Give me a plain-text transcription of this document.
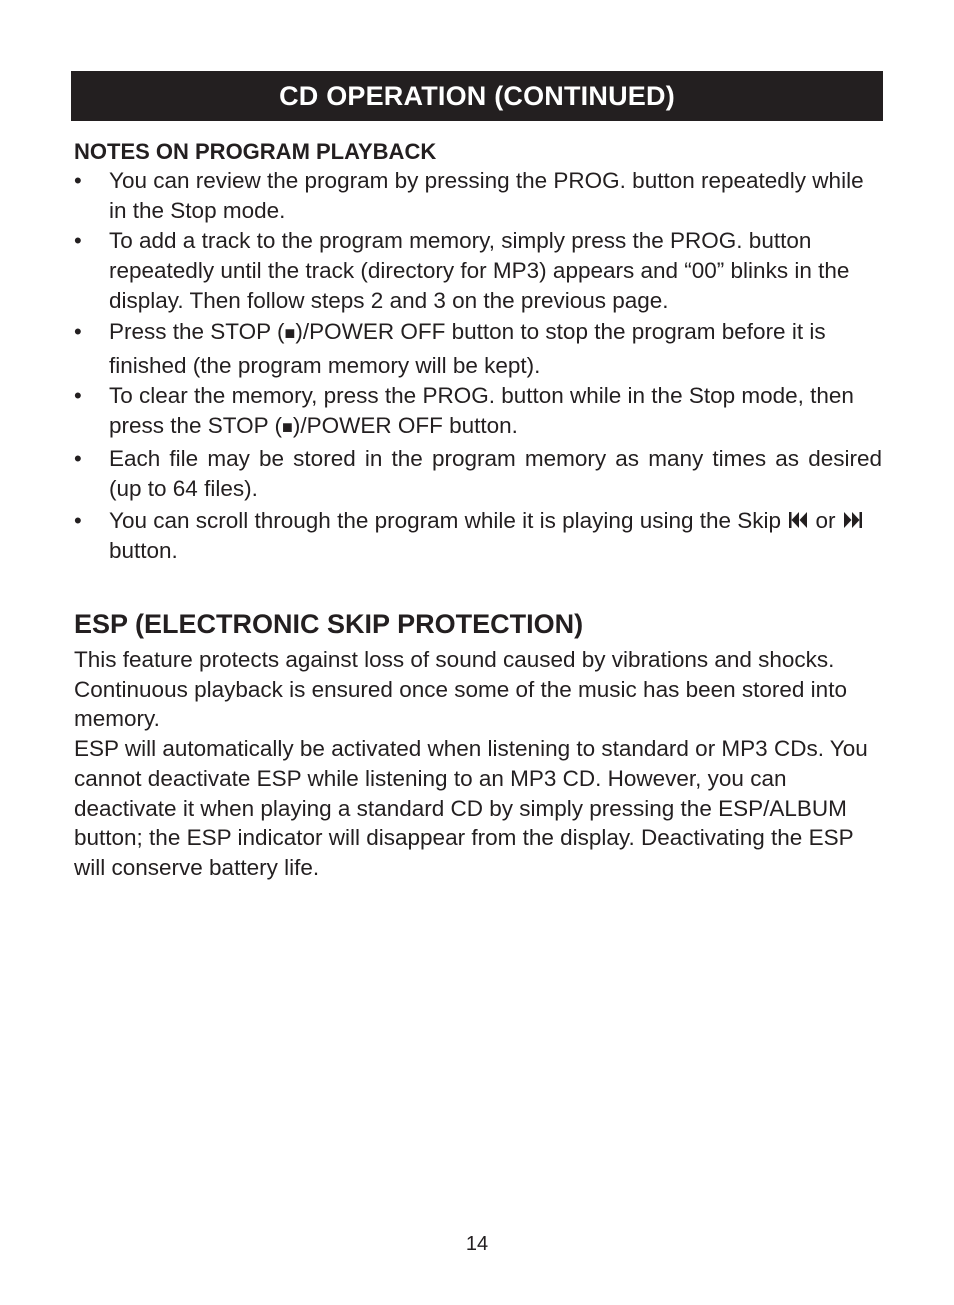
CD OPERATION (CONTINUED)
NOTES ON PROGRAM PLAYBACK
• You can review the program by pressing the PROG. button repeatedly while in the Stop mode.
• To add a track to the program memory, simply press the PROG. button repeatedly until the track (directory for MP3) appears and “00” blinks in the display. Then follow steps 2 and 3 on the previous page.
• Press the STOP (■)/POWER OFF button to stop the program before it is finished (the program memory will be kept).
• To clear the memory, press the PROG. button while in the Stop mode, then press the STOP (■)/POWER OFF button.
• Each file may be stored in the program memory as many times as desired (up to 64 files).
• You can scroll through the program while it is playing using the Skip  or  button.
ESP (ELECTRONIC SKIP PROTECTION)

This feature protects against loss of sound caused by vibrations and shocks. Continuous playback is ensured once some of the music has been stored into memory.

ESP will automatically be activated when listening to standard or MP3 CDs. You cannot deactivate ESP while listening to an MP3 CD. However, you can deactivate it when playing a standard CD by simply pressing the ESP/ALBUM button; the ESP indicator will disappear from the display. Deactivating the ESP will conserve battery life.

14
